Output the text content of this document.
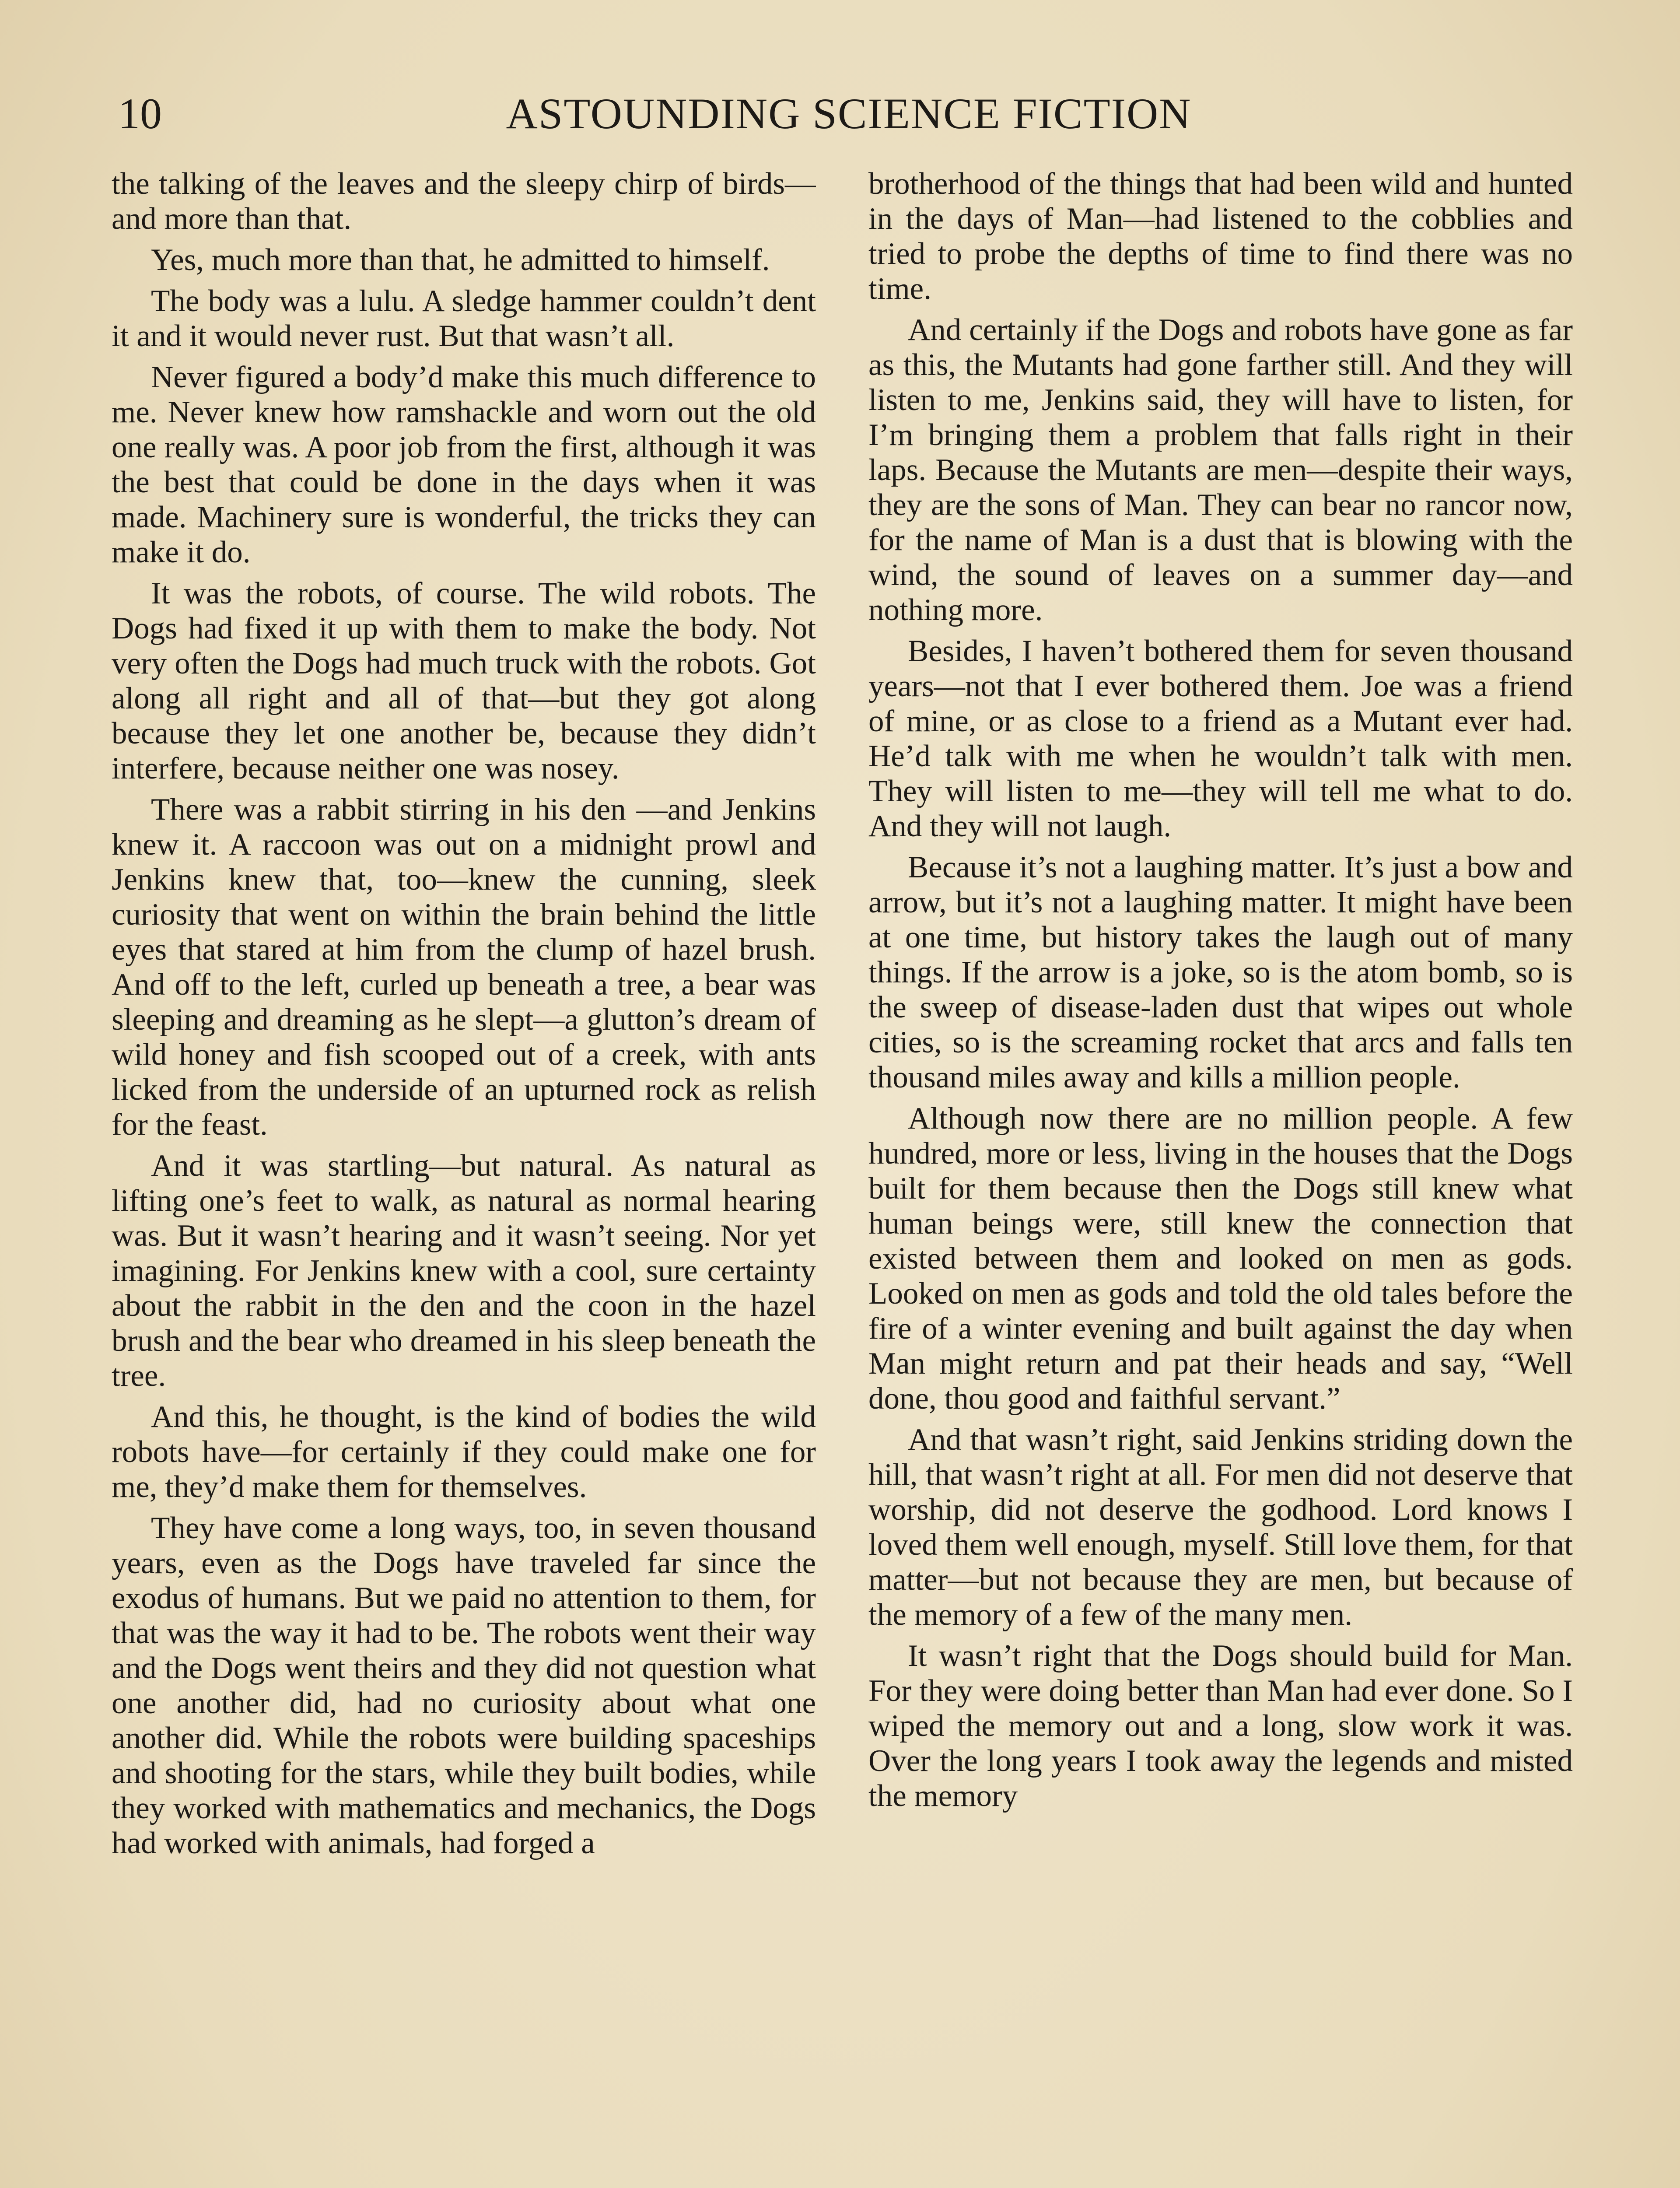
10	ASTOUNDING SCIENCE FICTION

the talking of the leaves and the sleepy chirp of birds—and more than that.

Yes, much more than that, he admitted to himself.

The body was a lulu. A sledge hammer couldn’t dent it and it would never rust. But that wasn’t all.

Never figured a body’d make this much difference to me. Never knew how ramshackle and worn out the old one really was. A poor job from the first, although it was the best that could be done in the days when it was made. Machinery sure is wonderful, the tricks they can make it do.

It was the robots, of course. The wild robots. The Dogs had fixed it up with them to make the body. Not very often the Dogs had much truck with the robots. Got along all right and all of that—but they got along because they let one another be, because they didn’t interfere, because neither one was nosey.

There was a rabbit stirring in his den —and Jenkins knew it. A raccoon was out on a midnight prowl and Jenkins knew that, too—knew the cunning, sleek curiosity that went on within the brain behind the little eyes that stared at him from the clump of hazel brush. And off to the left, curled up beneath a tree, a bear was sleeping and dreaming as he slept—a glutton’s dream of wild honey and fish scooped out of a creek, with ants licked from the underside of an upturned rock as relish for the feast.

And it was startling—but natural. As natural as lifting one’s feet to walk, as natural as normal hearing was. But it wasn’t hearing and it wasn’t seeing. Nor yet imagining. For Jenkins knew with a cool, sure certainty about the rabbit in the den and the coon in the hazel brush and the bear who dreamed in his sleep beneath the tree.

And this, he thought, is the kind of bodies the wild robots have—for certainly if they could make one for me, they’d make them for themselves.

They have come a long ways, too, in seven thousand years, even as the Dogs have traveled far since the exodus of humans. But we paid no attention to them, for that was the way it had to be. The robots went their way and the Dogs went theirs and they did not question what one another did, had no curiosity about what one another did. While the robots were building spaceships and shooting for the stars, while they built bodies, while they worked with mathematics and mechanics, the Dogs had worked with animals, had forged a

brotherhood of the things that had been wild and hunted in the days of Man—had listened to the cobblies and tried to probe the depths of time to find there was no time.

And certainly if the Dogs and robots have gone as far as this, the Mutants had gone farther still. And they will listen to me, Jenkins said, they will have to listen, for I’m bringing them a problem that falls right in their laps. Because the Mutants are men—despite their ways, they are the sons of Man. They can bear no rancor now, for the name of Man is a dust that is blowing with the wind, the sound of leaves on a summer day—and nothing more.

Besides, I haven’t bothered them for seven thousand years—not that I ever bothered them. Joe was a friend of mine, or as close to a friend as a Mutant ever had. He’d talk with me when he wouldn’t talk with men. They will listen to me—they will tell me what to do. And they will not laugh.

Because it’s not a laughing matter. It’s just a bow and arrow, but it’s not a laughing matter. It might have been at one time, but history takes the laugh out of many things. If the arrow is a joke, so is the atom bomb, so is the sweep of disease-laden dust that wipes out whole cities, so is the screaming rocket that arcs and falls ten thousand miles away and kills a million people.

Although now there are no million people. A few hundred, more or less, living in the houses that the Dogs built for them because then the Dogs still knew what human beings were, still knew the connection that existed between them and looked on men as gods. Looked on men as gods and told the old tales before the fire of a winter evening and built against the day when Man might return and pat their heads and say, “Well done, thou good and faithful servant.”

And that wasn’t right, said Jenkins striding down the hill, that wasn’t right at all. For men did not deserve that worship, did not deserve the godhood. Lord knows I loved them well enough, myself. Still love them, for that matter—but not because they are men, but because of the memory of a few of the many men.

It wasn’t right that the Dogs should build for Man. For they were doing better than Man had ever done. So I wiped the memory out and a long, slow work it was. Over the long years I took away the legends and misted the memory
